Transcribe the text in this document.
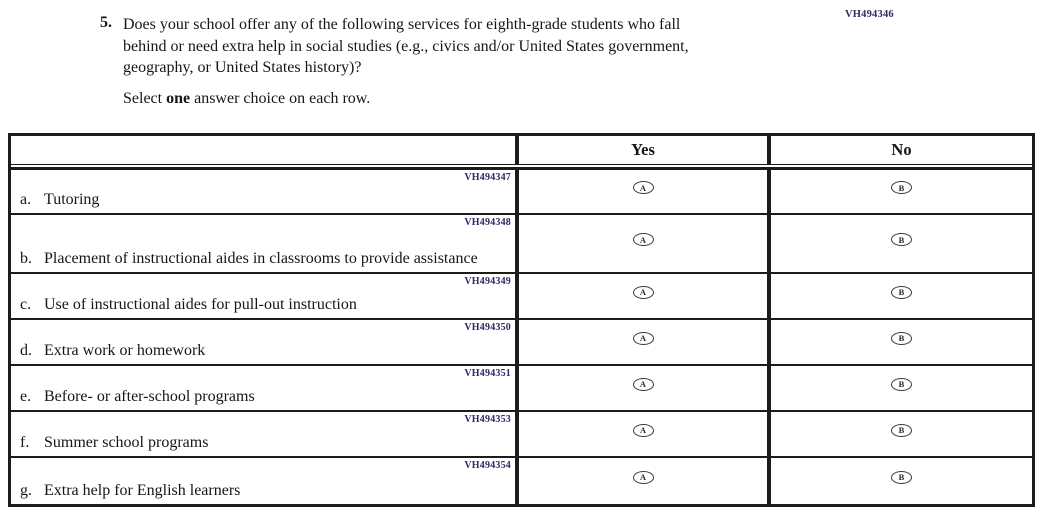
VH494346
5. Does your school offer any of the following services for eighth-grade students who fall
behind or need extra help in social studies (e.g., civics and/or United States government,
geography, or United States history)?
Select one answer choice on each row.
Yes	No
VH494347
a. Tutoring
A	B
VH494348
b. Placement of instructional aides in classrooms to provide assistance
A	B
VH494349
c. Use of instructional aides for pull-out instruction
A	B
VH494350
d. Extra work or homework
A	B
VH494351
e. Before- or after-school programs
A	B
VH494353
f. Summer school programs
A	B
VH494354
g. Extra help for English learners
A	B
